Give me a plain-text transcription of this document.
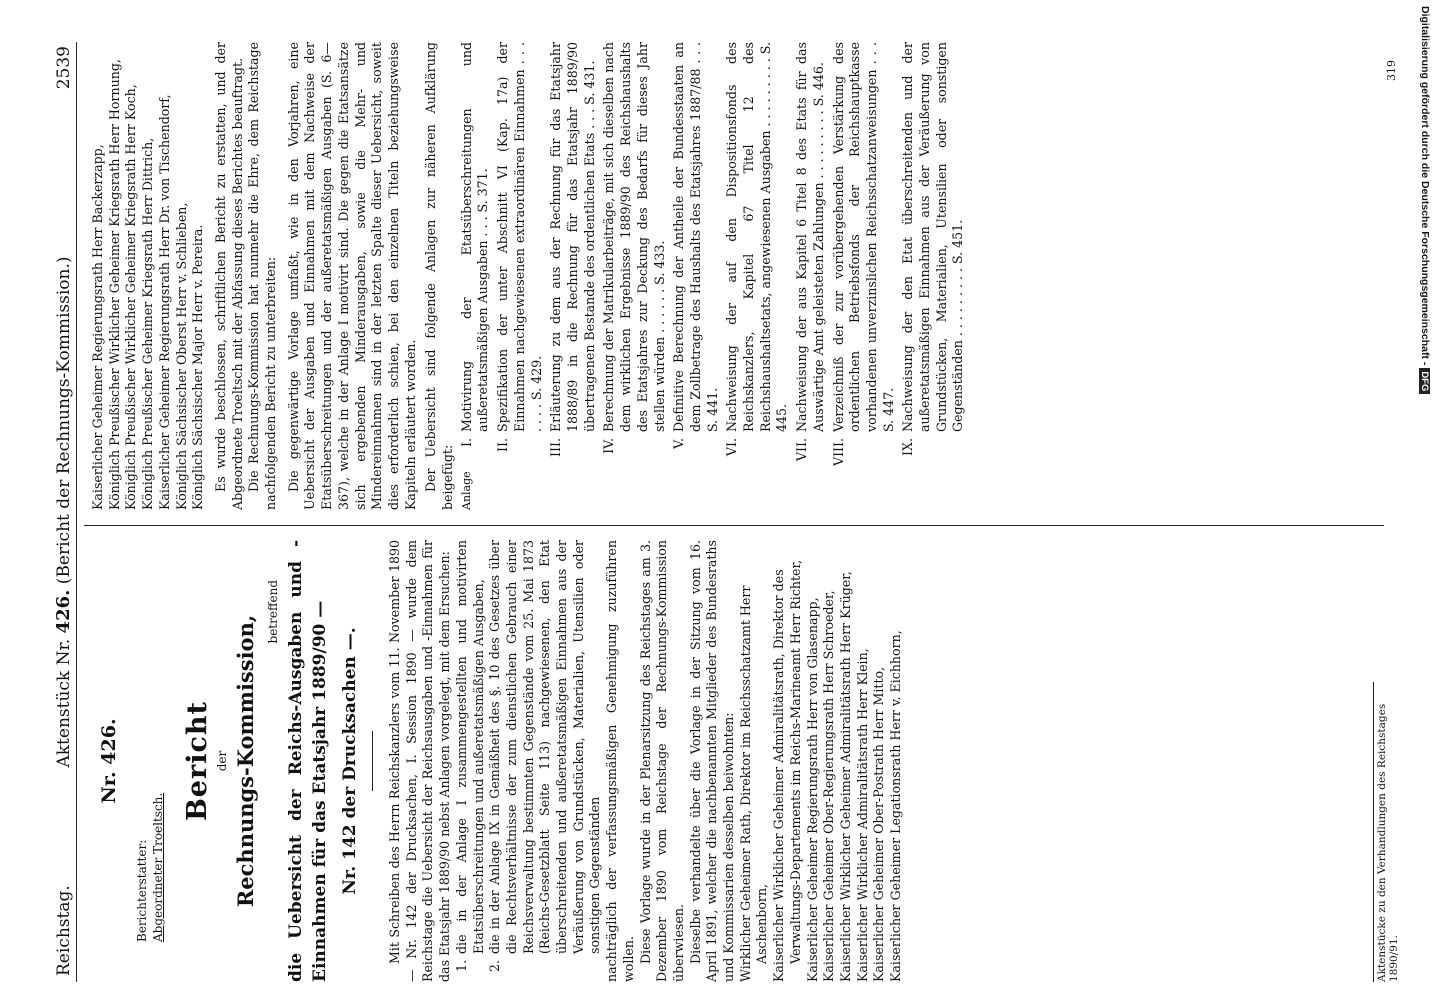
Reichstag.
Aktenstück Nr. 426. (Bericht der Rechnungs-Kommission.)
2539
Nr. 426.

Berichterstatter: Abgeordneter Troeltsch.

Bericht der Rechnungs-Kommission,
betreffend die Uebersicht der Reichs-Ausgaben und -Einnahmen für das Etatsjahr 1889/90 — Nr. 142 der Drucksachen —. Mit Schreiben des Herrn Reichskanzlers vom 11. November 1890 — Nr. 142 der Drucksachen, I. Session 1890 — wurde dem Reichstage die Uebersicht der Reichsausgaben und -Einnahmen für das Etatsjahr 1889/90 nebst Anlagen vorgelegt, mit dem Ersuchen: 1.
die in der Anlage I zusammengestellten und motivirten Etatsüberschreitungen und außeretatsmäßigen Ausgaben,
2.
die in der Anlage IX in Gemäßheit des §. 10 des Gesetzes über die Rechtsverhältnisse der zum dienstlichen Gebrauch einer Reichsverwaltung bestimmten Gegenstände vom 25. Mai 1873 (Reichs-Gesetzblatt Seite 113) nachgewiesenen, den Etat überschreitenden und außeretatsmäßigen Einnahmen aus der Veräußerung von Grundstücken, Materialien, Utensilien oder sonstigen Gegenständen nachträglich der verfassungsmäßigen Genehmigung zuzuführen wollen. Diese Vorlage wurde in der Plenarsitzung des Reichstages am 3. Dezember 1890 vom Reichstage der Rechnungs-Kommission überwiesen. Dieselbe verhandelte über die Vorlage in der Sitzung vom 16. April 1891, welcher die nachbenannten Mitglieder des Bundesraths und Kommissarien desselben beiwohnten: Wirklicher Geheimer Rath, Direktor im Reichsschatzamt Herr Aschenborn, Kaiserlicher Wirklicher Geheimer Admiralitätsrath, Direktor des Verwaltungs-Departements im Reichs-Marineamt Herr Richter, Kaiserlicher Geheimer Regierungsrath Herr von Glasenapp, Kaiserlicher Geheimer Ober-Regierungsrath Herr Schroeder, Kaiserlicher Wirklicher Geheimer Admiralitätsrath Herr Krüger, Kaiserlicher Wirklicher Admiralitätsrath Herr Klein, Kaiserlicher Geheimer Ober-Postrath Herr Mitto, Kaiserlicher Geheimer Legationsrath Herr v. Eichhorn,	Aktenstücke zu den Verhandlungen des Reichstages 1890/91.

Kaiserlicher Geheimer Regierungsrath Herr Backerzapp, Königlich Preußischer Wirklicher Geheimer Kriegsrath Herr Hornung, Königlich Preußischer Wirklicher Geheimer Kriegsrath Herr Koch, Königlich Preußischer Geheimer Kriegsrath Herr Dittrich, Kaiserlicher Geheimer Regierungsrath Herr Dr. von Tischendorf, Königlich Sächsischer Oberst Herr v. Schlieben, Königlich Sächsischer Major Herr v. Pereira. Es wurde beschlossen, schriftlichen Bericht zu erstatten, und der Abgeordnete Troeltsch mit der Abfassung dieses Berichtes beauftragt. Die Rechnungs-Kommission hat nunmehr die Ehre, dem Reichstage nachfolgenden Bericht zu unterbreiten: Die gegenwärtige Vorlage umfaßt, wie in den Vorjahren, eine Uebersicht der Ausgaben und Einnahmen mit dem Nachweise der Etatsüberschreitungen und der außeretatsmäßigen Ausgaben (S. 6—367), welche in der Anlage I motivirt sind. Die gegen die Etatsansätze sich ergebenden Minderausgaben, sowie die Mehr- und Mindereinnahmen sind in der letzten Spalte dieser Uebersicht, soweit dies erforderlich schien, bei den einzelnen Titeln beziehungsweise Kapiteln erläutert worden. Der Uebersicht sind folgende Anlagen zur näheren Aufklärung beigefügt: Anlage
I.
Motivirung der Etatsüberschreitungen und außeretatsmäßigen Ausgaben . . . S. 371.
II.
Spezifikation der unter Abschnitt VI (Kap. 17a) der Einnahmen nachgewiesenen extraordinären Einnahmen . . . . . . . S. 429.
III.
Erläuterung zu dem aus der Rechnung für das Etatsjahr 1888/89 in die Rechnung für das Etatsjahr 1889/90 übertragenen Bestande des ordentlichen Etats . . . S. 431.
IV.
Berechnung der Matrikularbeiträge, mit sich dieselben nach dem wirklichen Ergebnisse 1889/90 des Reichshaushalts des Etatsjahres zur Deckung des Bedarfs für dieses Jahr stellen würden . . . . . . S. 433.
V.
Definitive Berechnung der Antheile der Bundesstaaten an dem Zollbetrage des Haushalts des Etatsjahres 1887/88 . . . S. 441.
VI.
Nachweisung der auf den Dispositionsfonds des Reichskanzlers, Kapitel 67 Titel 12 des Reichshaushaltsetats, angewiesenen Ausgaben . . . . . . . . . S. 445.
VII.
Nachweisung der aus Kapitel 6 Titel 8 des Etats für das Auswärtige Amt geleisteten Zahlungen . . . . . . . . . S. 446.
VIII.
Verzeichniß der zur vorübergehenden Verstärkung des ordentlichen Betriebsfonds der Reichshauptkasse vorhandenen unverzinslichen Reichsschatzanweisungen . . . S. 447.
IX.
Nachweisung der den Etat überschreitenden und der außeretatsmäßigen Einnahmen aus der Veräußerung von Grundstücken, Materialien, Utensilien oder sonstigen Gegenständen . . . . . . . . . S. 451.
319 Digitalisierung gefördert durch die Deutsche Forschungsgemeinschaft - DFG
